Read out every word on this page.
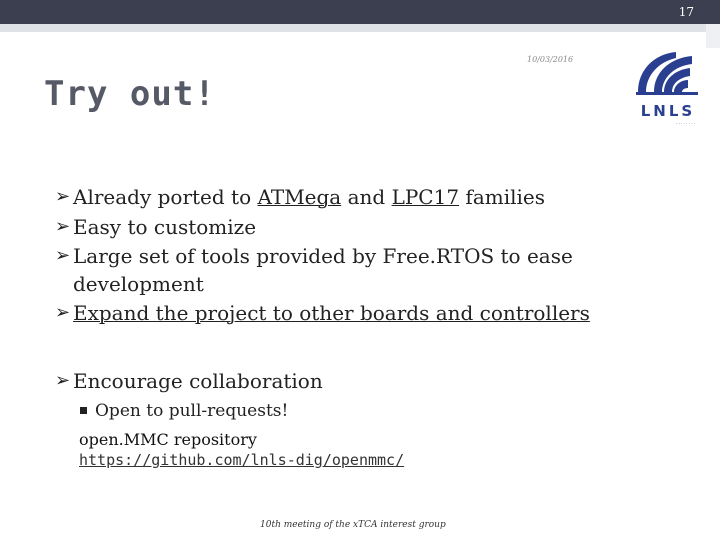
17
10/03/2016
Try out!	LNLS
· · · · · · · ·
➢ Already ported to ATMega and LPC17 families
➢ Easy to customize
➢ Large set of tools provided by Free.RTOS to ease development
➢ Expand the project to other boards and controllers
➢ Encourage collaboration
Open to pull-requests!
open.MMC repository
https://github.com/lnls-dig/openmmc/
10th meeting of the xTCA interest group
